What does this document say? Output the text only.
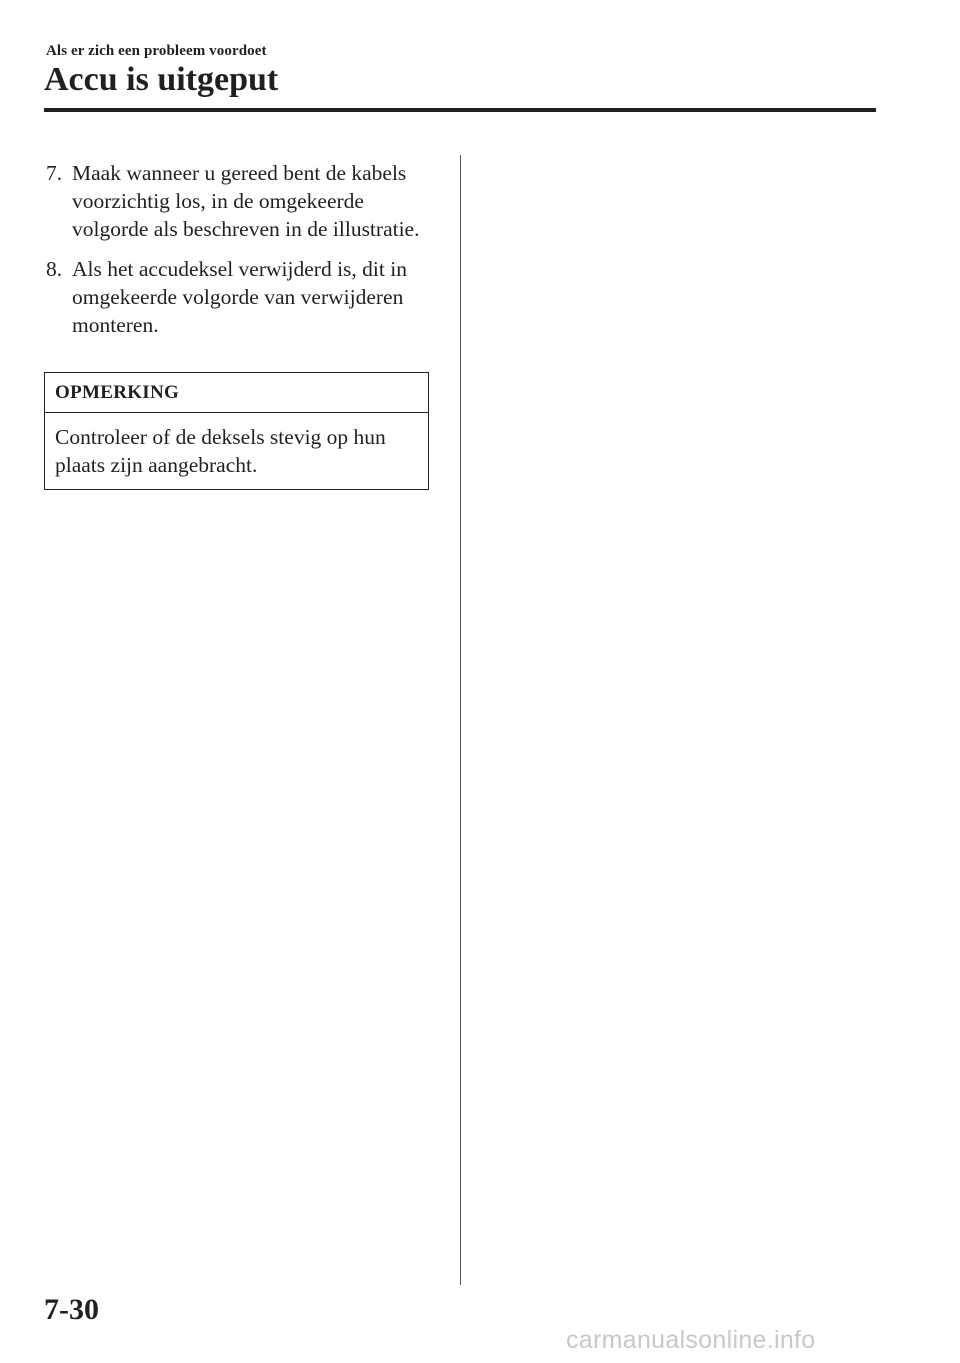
Als er zich een probleem voordoet
Accu is uitgeput
7. Maak wanneer u gereed bent de kabels voorzichtig los, in de omgekeerde volgorde als beschreven in de illustratie.
8. Als het accudeksel verwijderd is, dit in omgekeerde volgorde van verwijderen monteren.
OPMERKING
Controleer of de deksels stevig op hun plaats zijn aangebracht.
7-30
carmanualsonline.info
